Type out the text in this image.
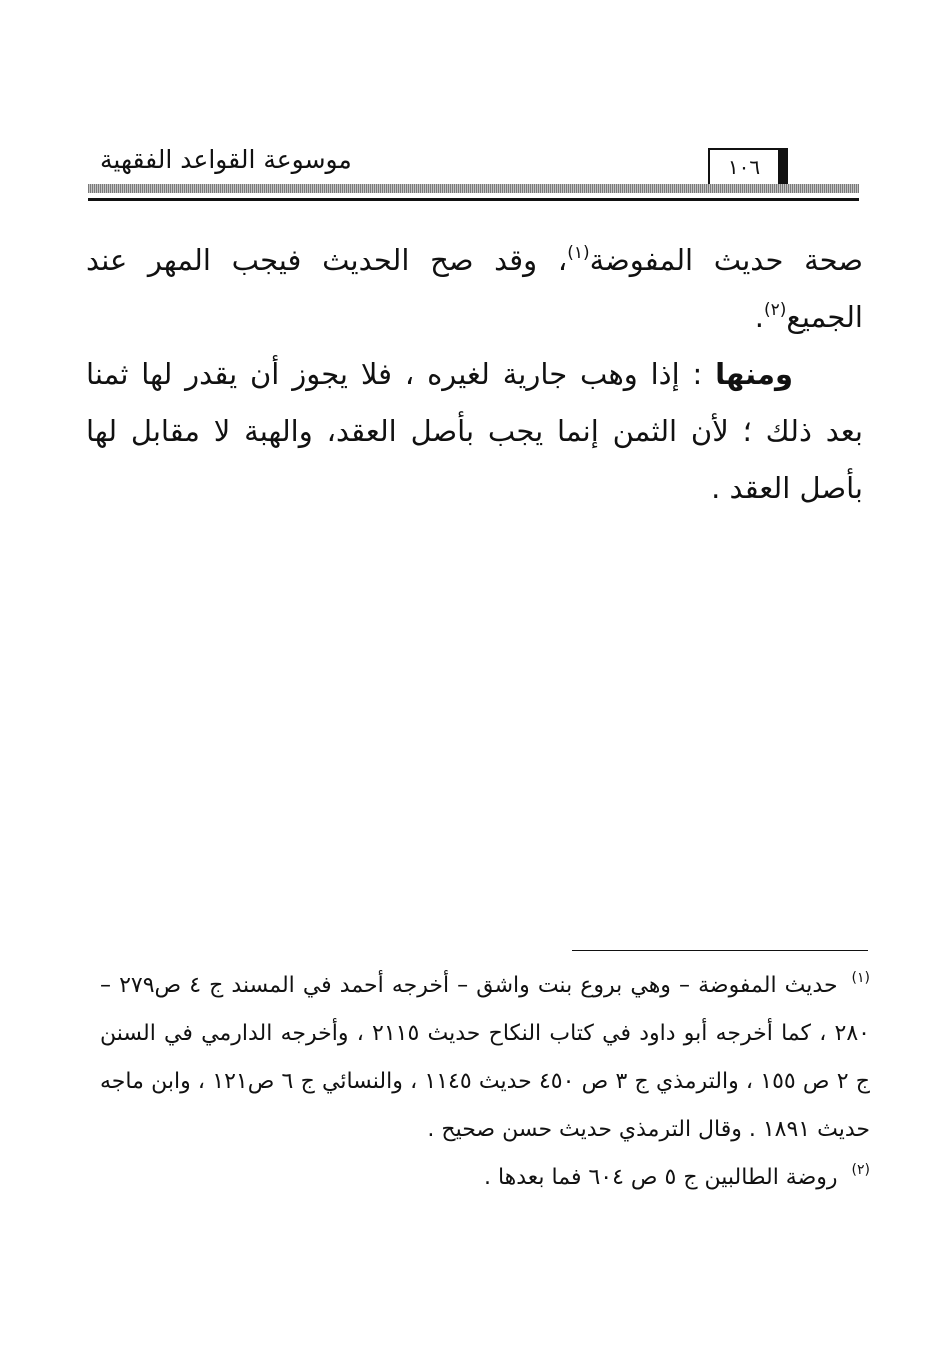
موسوعة القواعد الفقهية	١٠٦

صحة حديث المفوضة$^{(١)}$، وقد صح الحديث فيجب المهر عند الجميع$^{(٢)}$.

ومنها : إذا وهب جارية لغيره ، فلا يجوز أن يقدر لها ثمنا بعد ذلك ؛ لأن الثمن إنما يجب بأصل العقد، والهبة لا مقابل لها بأصل العقد .

$^{(١)}$حديث المفوضة – وهي بروع بنت واشق – أخرجه أحمد في المسند ج ٤ ص٢٧٩ – ٢٨٠ ، كما أخرجه أبو داود في كتاب النكاح حديث ٢١١٥ ، وأخرجه الدارمي في السنن ج ٢ ص ١٥٥ ، والترمذي ج ٣ ص ٤٥٠ حديث ١١٤٥ ، والنسائي ج ٦ ص١٢١ ، وابن ماجه حديث ١٨٩١ . وقال الترمذي حديث حسن صحيح .

$^{(٢)}$روضة الطالبين ج ٥ ص ٦٠٤ فما بعدها .
